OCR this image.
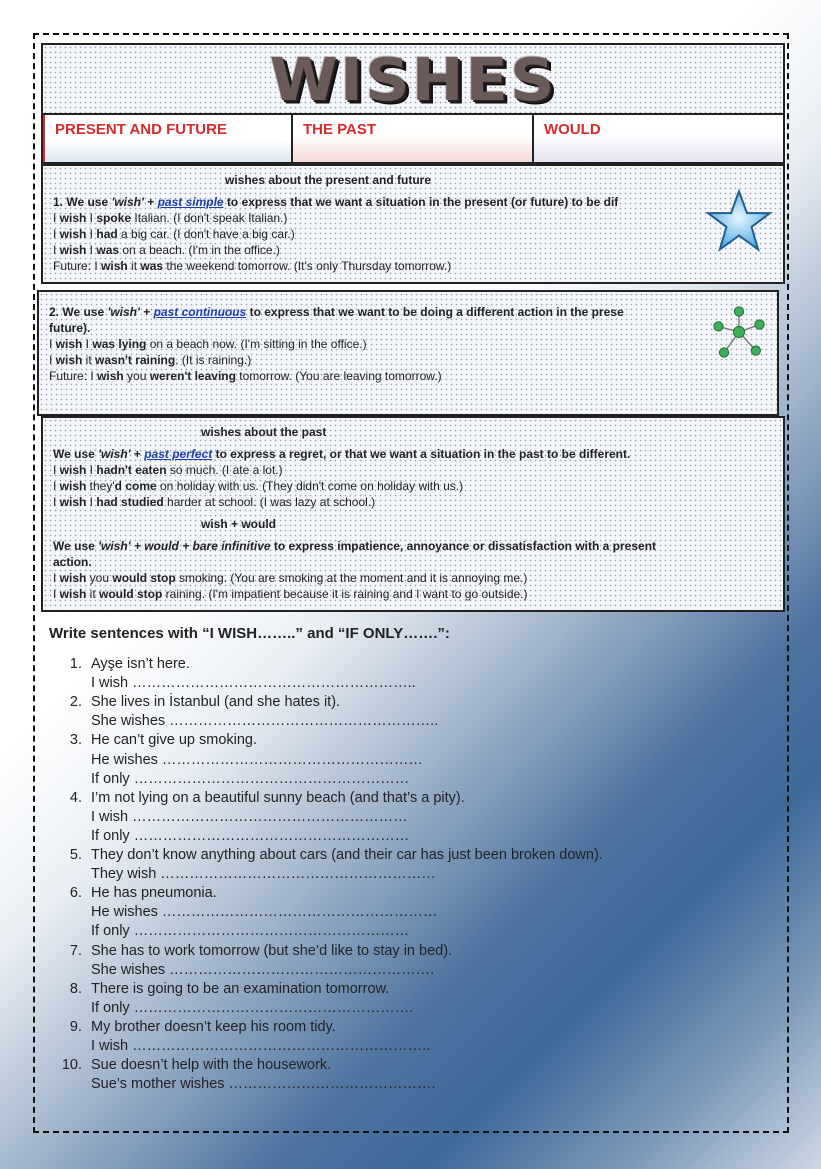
WISHES
PRESENT AND FUTURE	THE PAST	WOULD
wishes about the present and future
1. We use 'wish' + past simple to express that we want a situation in the present (or future) to be dif
I wish I spoke Italian. (I don't speak Italian.)
I wish I had a big car. (I don't have a big car.)
I wish I was on a beach. (I'm in the office.)
Future: I wish it was the weekend tomorrow. (It's only Thursday tomorrow.)
2. We use 'wish' + past continuous to express that we want to be doing a different action in the prese
future).
I wish I was lying on a beach now. (I'm sitting in the office.)
I wish it wasn't raining. (It is raining.)
Future: I wish you weren't leaving tomorrow. (You are leaving tomorrow.)
wishes about the past
We use 'wish' + past perfect to express a regret, or that we want a situation in the past to be different.
I wish I hadn't eaten so much. (I ate a lot.)
I wish they'd come on holiday with us. (They didn't come on holiday with us.)
I wish I had studied harder at school. (I was lazy at school.)
wish + would
We use 'wish' + would + bare infinitive to express impatience, annoyance or dissatisfaction with a present
action.
I wish you would stop smoking. (You are smoking at the moment and it is annoying me.)
I wish it would stop raining. (I'm impatient because it is raining and I want to go outside.)
Write sentences with “I WISH……..” and “IF ONLY…….”:
1. Ayşe isn’t here.
I wish …………………………………………………..
2. She lives in İstanbul (and she hates it).
She wishes ………………………………………………..
3. He can’t give up smoking.
He wishes ………………………………………………
If only …………………………………………………
4. I’m not lying on a beautiful sunny beach (and that’s a pity).
I wish …………………………………………………
If only …………………………………………………
5. They don’t know anything about cars (and their car has just been broken down).
They wish …………………………………………………
6. He has pneumonia.
He wishes …………………………………………………
If only …………………………………………………
7. She has to work tomorrow (but she’d like to stay in bed).
She wishes ……………………………………………….
8. There is going to be an examination tomorrow.
If only ………………………………………………….
9. My brother doesn’t keep his room tidy.
I wish ……………………………………………………..
10. Sue doesn’t help with the housework.
Sue’s mother wishes …………………………………….
